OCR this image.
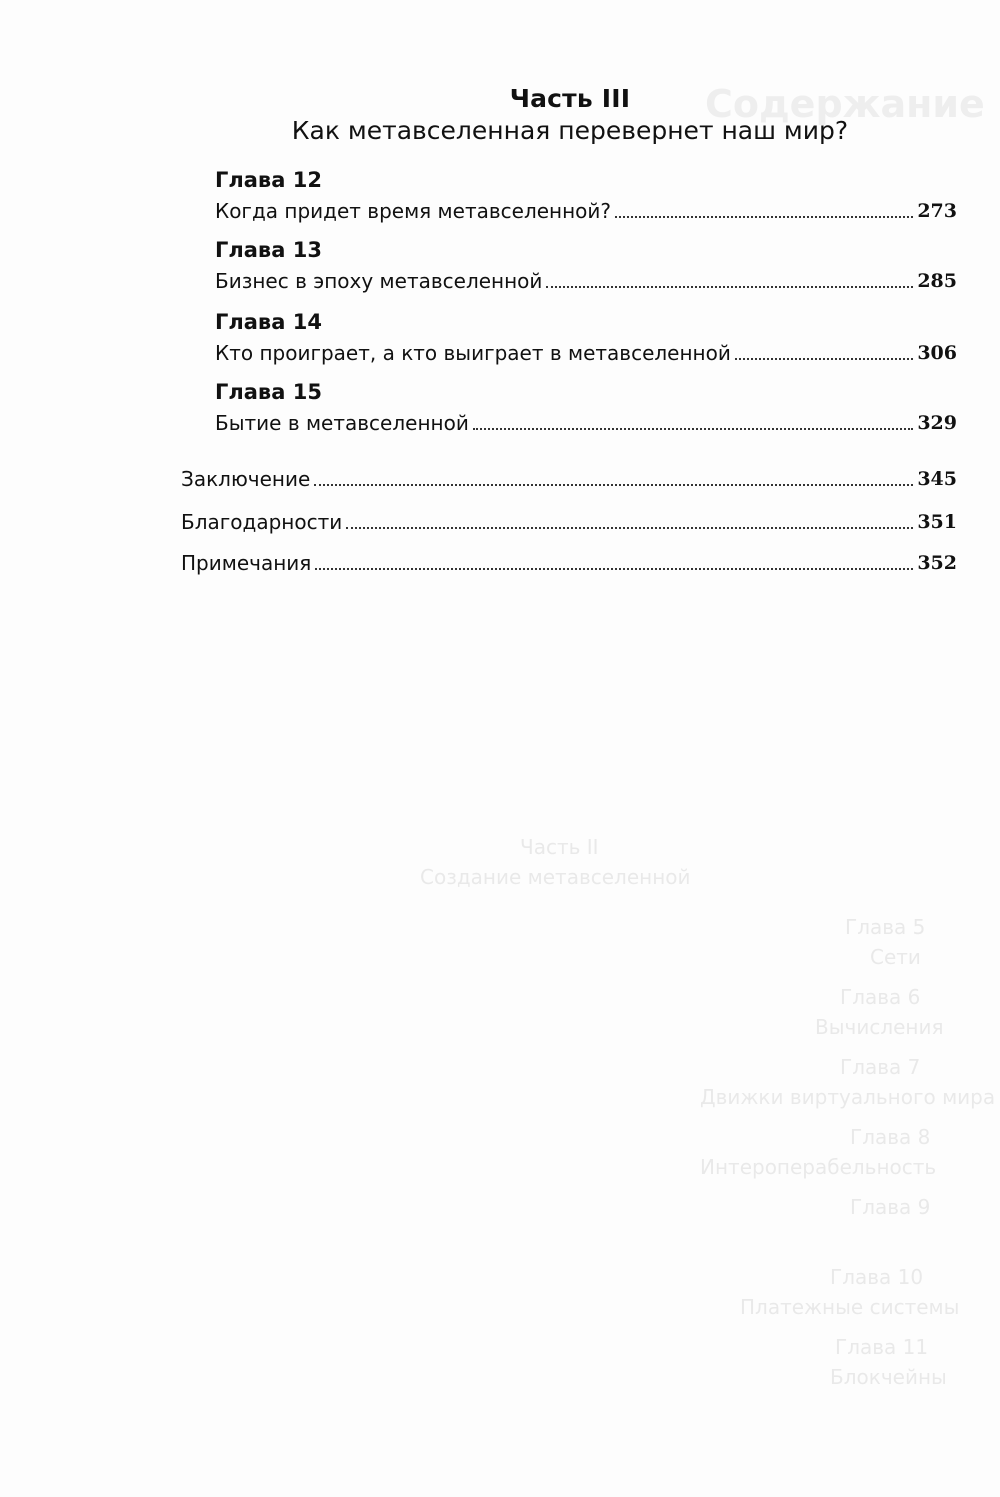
Содержание
Часть II
Создание метавселенной
Глава 5
Сети
Глава 6
Вычисления
Глава 7
Движки виртуального мира
Глава 8
Интероперабельность
Глава 9
Глава 10
Платежные системы
Глава 11
Блокчейны
Часть III
Как метавселенная перевернет наш мир?
Глава 12
Когда придет время метавселенной?	273
Глава 13
Бизнес в эпоху метавселенной	285
Глава 14
Кто проиграет, а кто выиграет в метавселенной	306
Глава 15
Бытие в метавселенной	329
Заключение	345
Благодарности	351
Примечания	352
